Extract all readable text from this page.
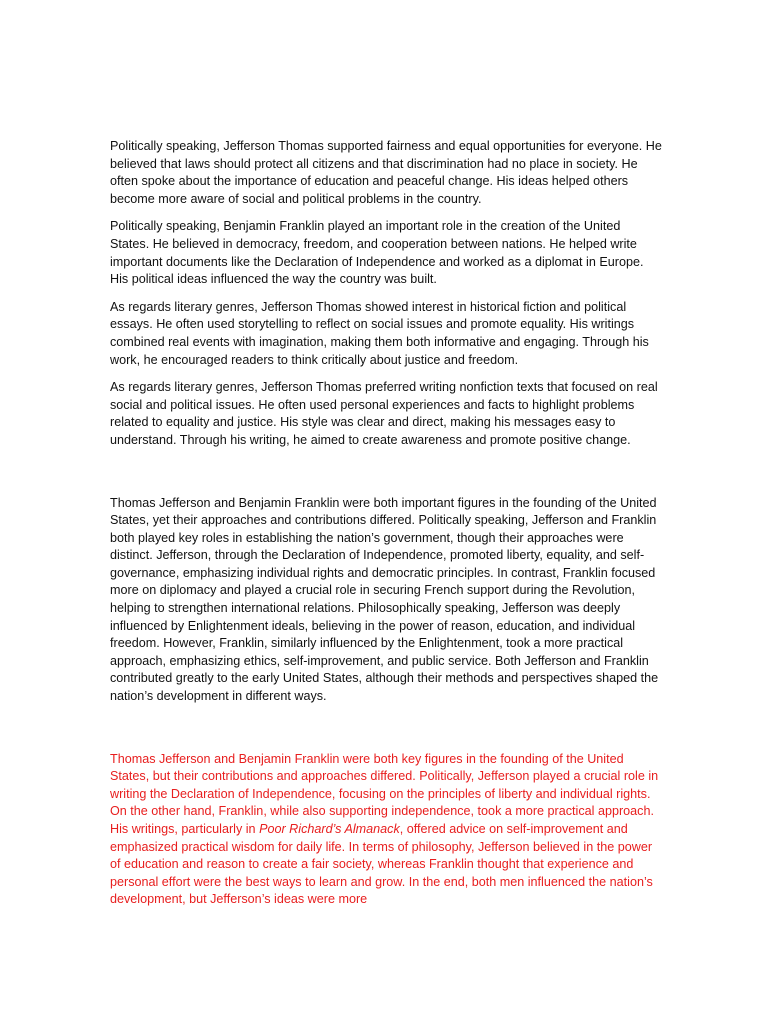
Politically speaking, Jefferson Thomas supported fairness and equal opportunities for everyone. He believed that laws should protect all citizens and that discrimination had no place in society. He often spoke about the importance of education and peaceful change. His ideas helped others become more aware of social and political problems in the country.

Politically speaking, Benjamin Franklin played an important role in the creation of the United States. He believed in democracy, freedom, and cooperation between nations. He helped write important documents like the Declaration of Independence and worked as a diplomat in Europe. His political ideas influenced the way the country was built.

As regards literary genres, Jefferson Thomas showed interest in historical fiction and political essays. He often used storytelling to reflect on social issues and promote equality. His writings combined real events with imagination, making them both informative and engaging. Through his work, he encouraged readers to think critically about justice and freedom.

As regards literary genres, Jefferson Thomas preferred writing nonfiction texts that focused on real social and political issues. He often used personal experiences and facts to highlight problems related to equality and justice. His style was clear and direct, making his messages easy to understand. Through his writing, he aimed to create awareness and promote positive change.

Thomas Jefferson and Benjamin Franklin were both important figures in the founding of the United States, yet their approaches and contributions differed. Politically speaking, Jefferson and Franklin both played key roles in establishing the nation’s government, though their approaches were distinct. Jefferson, through the Declaration of Independence, promoted liberty, equality, and self-governance, emphasizing individual rights and democratic principles. In contrast, Franklin focused more on diplomacy and played a crucial role in securing French support during the Revolution, helping to strengthen international relations. Philosophically speaking, Jefferson was deeply influenced by Enlightenment ideals, believing in the power of reason, education, and individual freedom. However, Franklin, similarly influenced by the Enlightenment, took a more practical approach, emphasizing ethics, self-improvement, and public service. Both Jefferson and Franklin contributed greatly to the early United States, although their methods and perspectives shaped the nation’s development in different ways.

Thomas Jefferson and Benjamin Franklin were both key figures in the founding of the United States, but their contributions and approaches differed. Politically, Jefferson played a crucial role in writing the Declaration of Independence, focusing on the principles of liberty and individual rights. On the other hand, Franklin, while also supporting independence, took a more practical approach. His writings, particularly in Poor Richard’s Almanack, offered advice on self-improvement and emphasized practical wisdom for daily life. In terms of philosophy, Jefferson believed in the power of education and reason to create a fair society, whereas Franklin thought that experience and personal effort were the best ways to learn and grow. In the end, both men influenced the nation’s development, but Jefferson’s ideas were more
